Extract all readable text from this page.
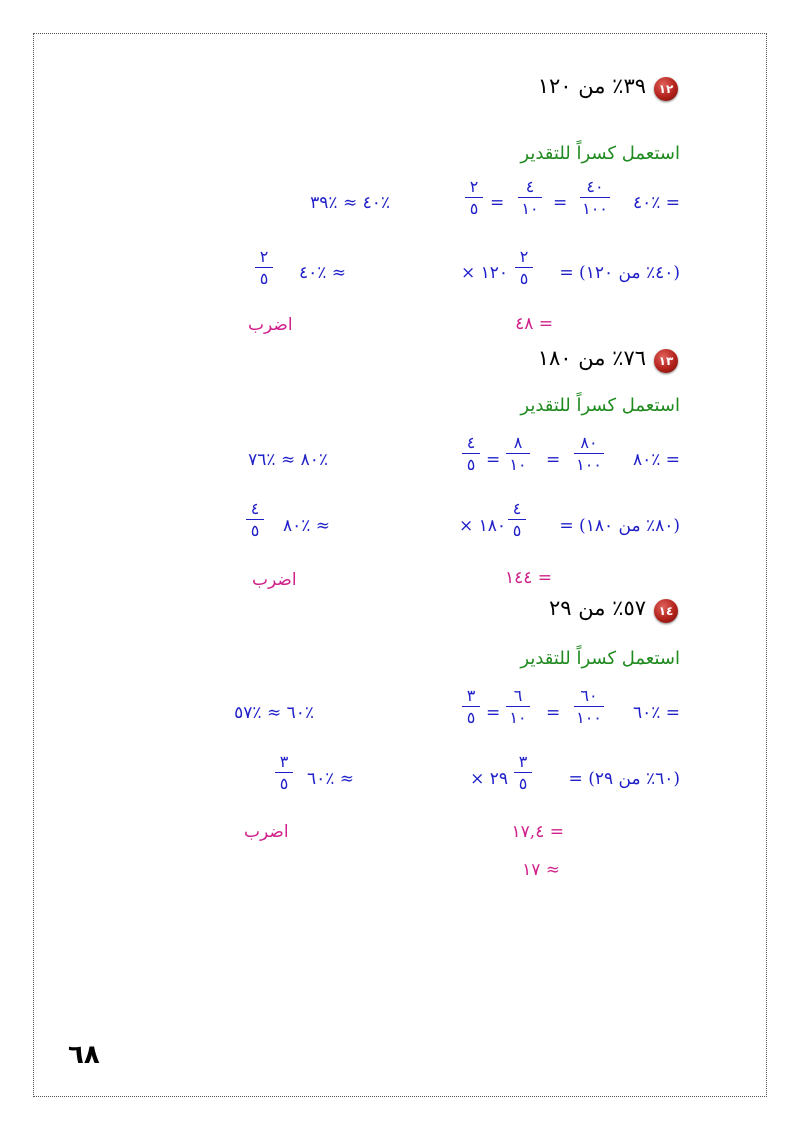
١٢
٣٩٪ من ١٢٠
استعمل كسراً للتقدير
٪٤٠ ≈ ٪٣٩	= ٪٤٠
٤٠
١٠٠
=
٤
١٠
=
٢
٥
≈ ٪٤٠
٢
٥	(٤٠٪ من ١٢٠) =
٢
٥
١٢٠ ×
اضرب	= ٤٨
١٣
٧٦٪ من ١٨٠
استعمل كسراً للتقدير
٪٨٠ ≈ ٪٧٦	= ٪٨٠
٨٠
١٠٠
=
٨
١٠
=
٤
٥
≈ ٪٨٠
٤
٥	(٨٠٪ من ١٨٠) =
٤
٥
١٨٠ ×
اضرب	= ١٤٤
١٤
٥٧٪ من ٢٩
استعمل كسراً للتقدير
٪٦٠ ≈ ٪٥٧	= ٪٦٠
٦٠
١٠٠
=
٦
١٠
=
٣
٥
≈ ٪٦٠
٣
٥	(٦٠٪ من ٢٩) =
٣
٥
٢٩ ×
اضرب	= ١٧,٤
≈ ١٧
٦٨
